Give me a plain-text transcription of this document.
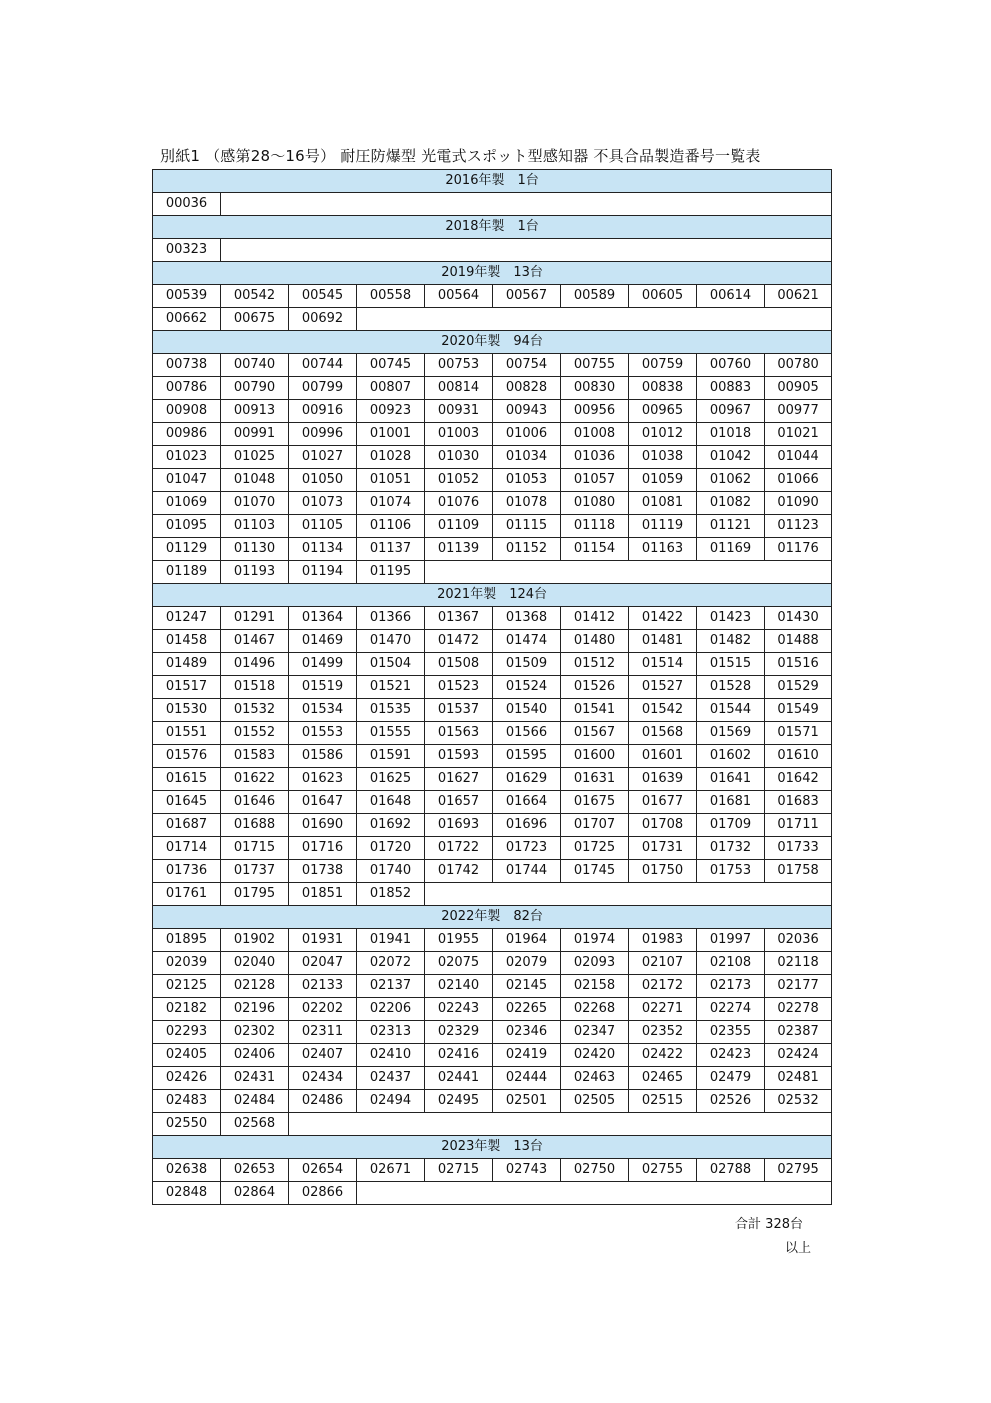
別紙1 （感第28～16号） 耐圧防爆型 光電式スポット型感知器 不具合品製造番号一覧表
2016年製　1台									
00036									
2018年製　1台									
00323									
2019年製　13台									
00539	00542	00545	00558	00564	00567	00589	00605	00614	00621
00662	00675	00692							
2020年製　94台									
00738	00740	00744	00745	00753	00754	00755	00759	00760	00780
00786	00790	00799	00807	00814	00828	00830	00838	00883	00905
00908	00913	00916	00923	00931	00943	00956	00965	00967	00977
00986	00991	00996	01001	01003	01006	01008	01012	01018	01021
01023	01025	01027	01028	01030	01034	01036	01038	01042	01044
01047	01048	01050	01051	01052	01053	01057	01059	01062	01066
01069	01070	01073	01074	01076	01078	01080	01081	01082	01090
01095	01103	01105	01106	01109	01115	01118	01119	01121	01123
01129	01130	01134	01137	01139	01152	01154	01163	01169	01176
01189	01193	01194	01195						
2021年製　124台									
01247	01291	01364	01366	01367	01368	01412	01422	01423	01430
01458	01467	01469	01470	01472	01474	01480	01481	01482	01488
01489	01496	01499	01504	01508	01509	01512	01514	01515	01516
01517	01518	01519	01521	01523	01524	01526	01527	01528	01529
01530	01532	01534	01535	01537	01540	01541	01542	01544	01549
01551	01552	01553	01555	01563	01566	01567	01568	01569	01571
01576	01583	01586	01591	01593	01595	01600	01601	01602	01610
01615	01622	01623	01625	01627	01629	01631	01639	01641	01642
01645	01646	01647	01648	01657	01664	01675	01677	01681	01683
01687	01688	01690	01692	01693	01696	01707	01708	01709	01711
01714	01715	01716	01720	01722	01723	01725	01731	01732	01733
01736	01737	01738	01740	01742	01744	01745	01750	01753	01758
01761	01795	01851	01852						
2022年製　82台									
01895	01902	01931	01941	01955	01964	01974	01983	01997	02036
02039	02040	02047	02072	02075	02079	02093	02107	02108	02118
02125	02128	02133	02137	02140	02145	02158	02172	02173	02177
02182	02196	02202	02206	02243	02265	02268	02271	02274	02278
02293	02302	02311	02313	02329	02346	02347	02352	02355	02387
02405	02406	02407	02410	02416	02419	02420	02422	02423	02424
02426	02431	02434	02437	02441	02444	02463	02465	02479	02481
02483	02484	02486	02494	02495	02501	02505	02515	02526	02532
02550	02568								
2023年製　13台									
02638	02653	02654	02671	02715	02743	02750	02755	02788	02795
02848	02864	02866							
合計 328台
以上
